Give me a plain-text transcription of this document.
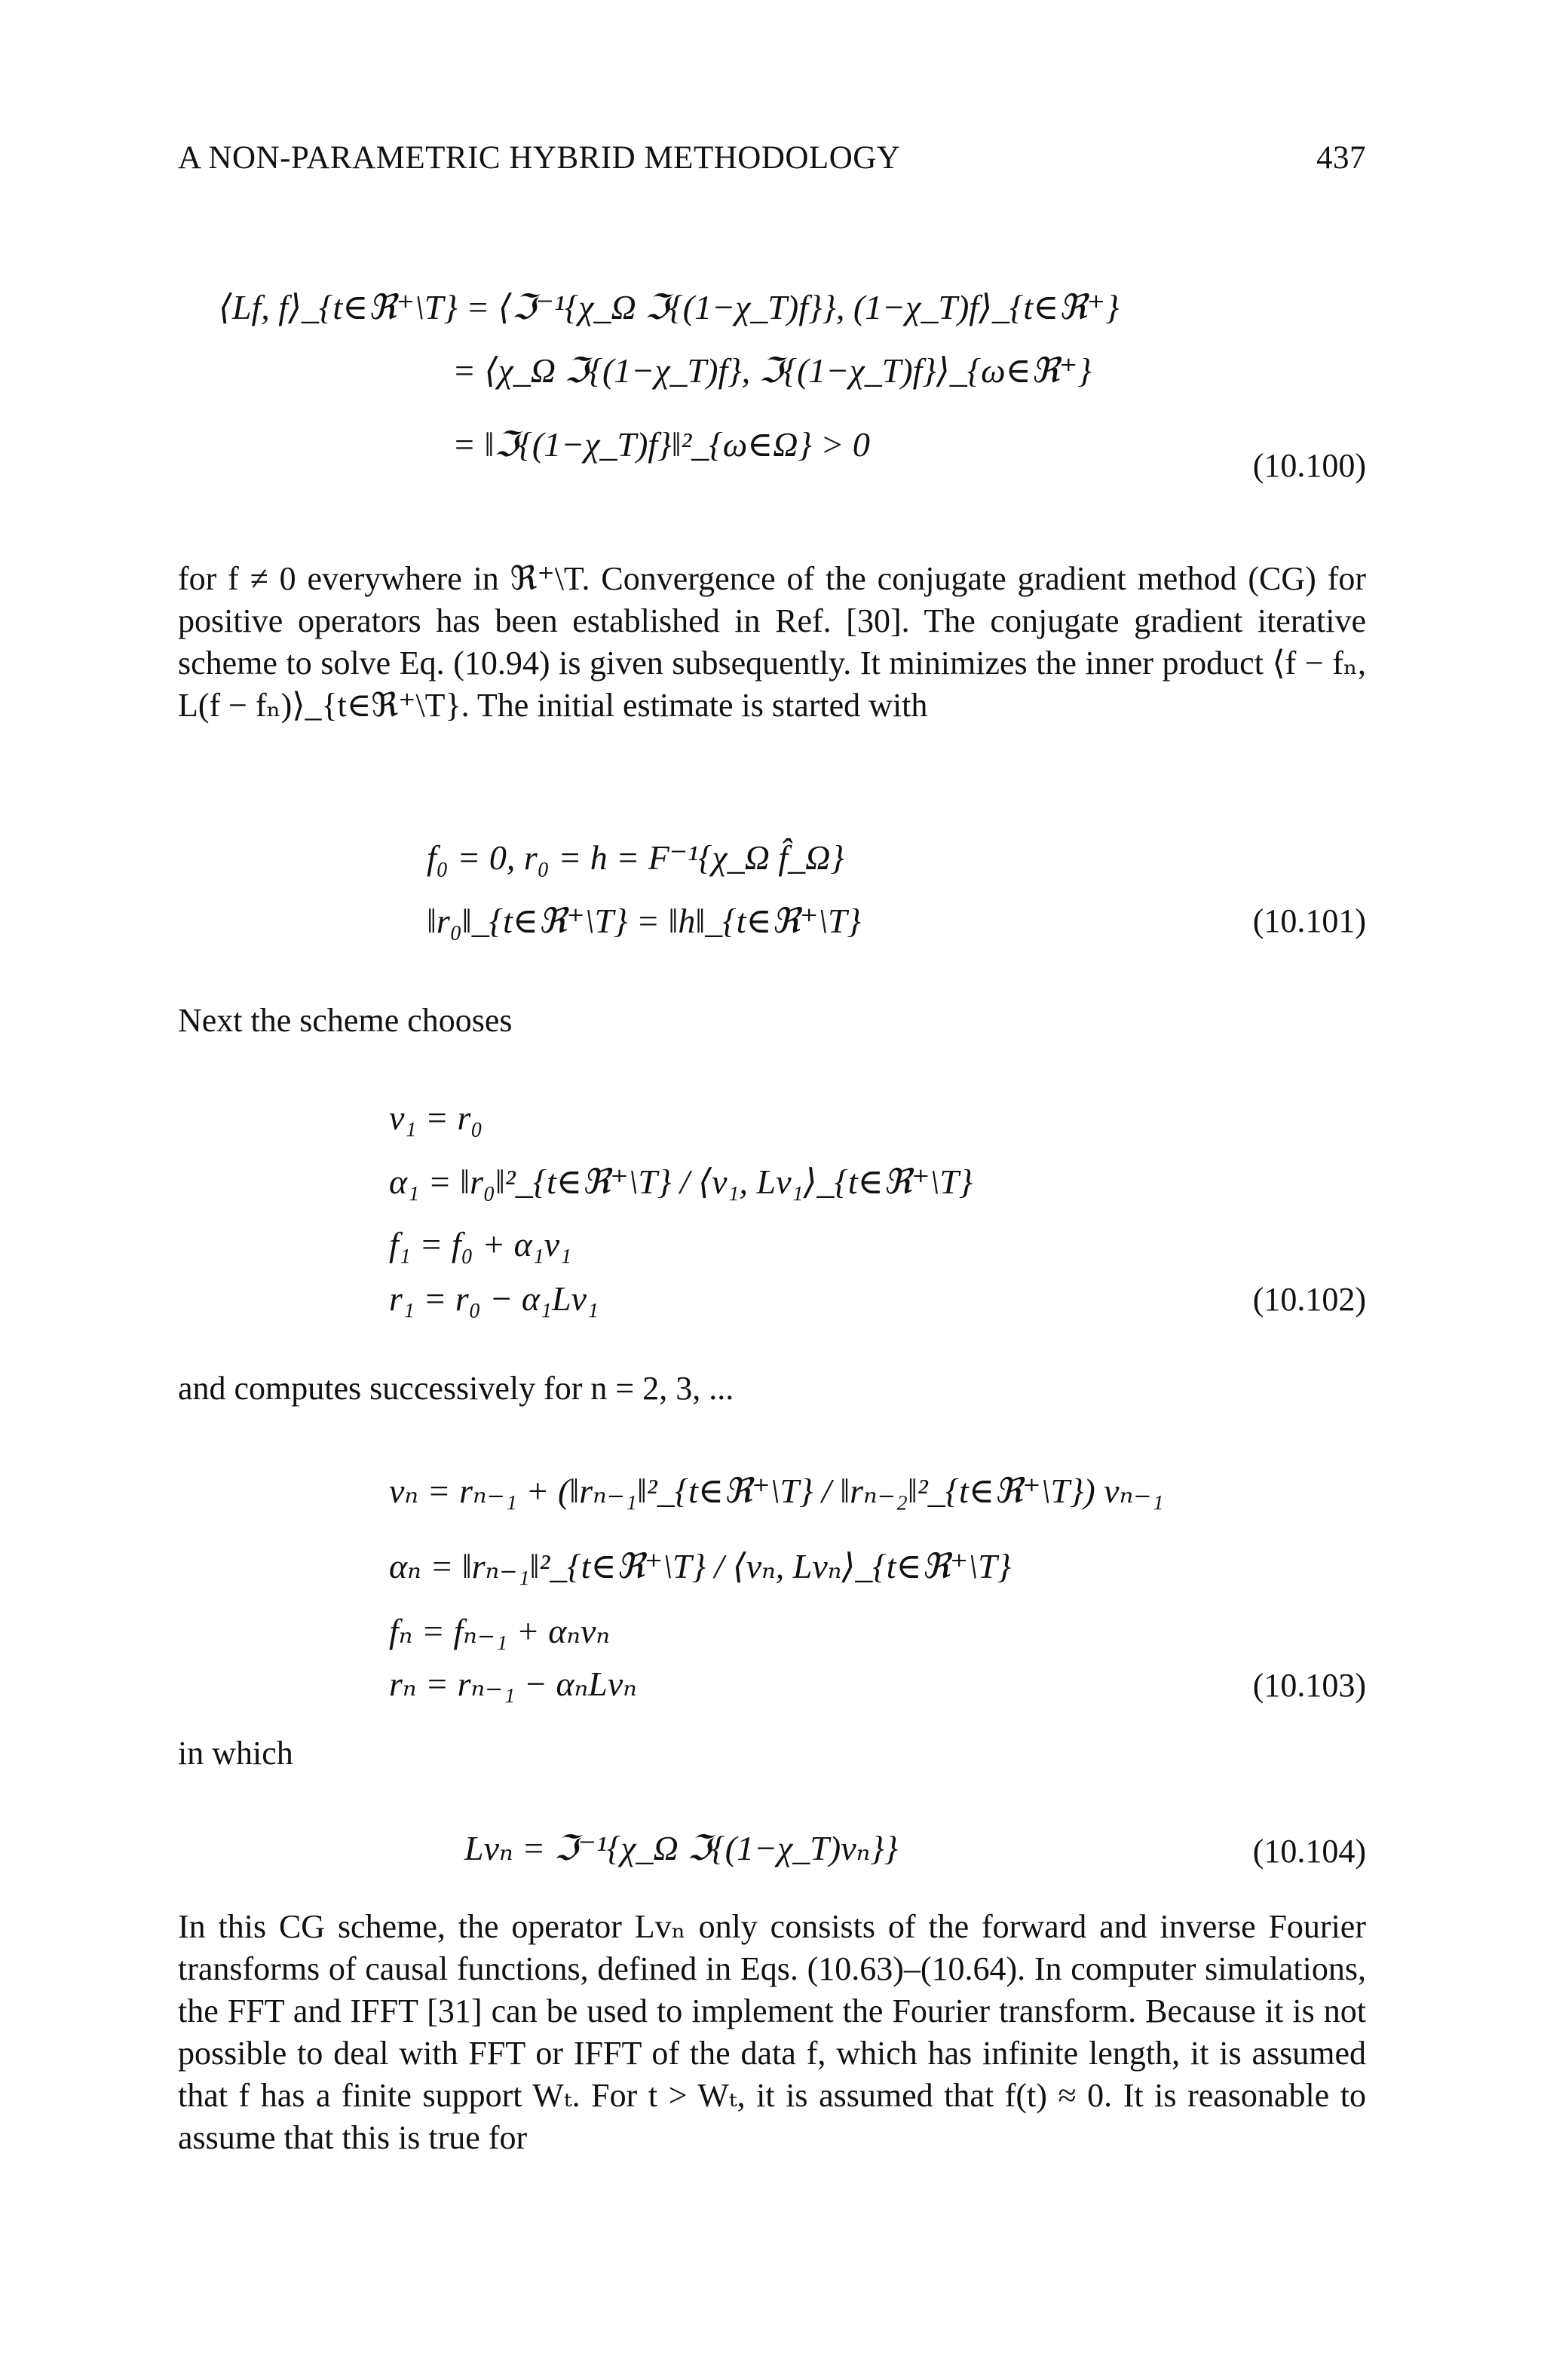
A NON-PARAMETRIC HYBRID METHODOLOGY	437
⟨Lf, f⟩_{t∈ℜ⁺\T} = ⟨ℑ⁻¹{χ_Ω ℑ{(1−χ_T)f}}, (1−χ_T)f⟩_{t∈ℜ⁺}
= ⟨χ_Ω ℑ{(1−χ_T)f}, ℑ{(1−χ_T)f}⟩_{ω∈ℜ⁺}
= ‖ℑ{(1−χ_T)f}‖²_{ω∈Ω} > 0
(10.100)
for f ≠ 0 everywhere in ℜ⁺\T. Convergence of the conjugate gradient method (CG) for positive operators has been established in Ref. [30]. The conjugate gradient iterative scheme to solve Eq. (10.94) is given subsequently. It minimizes the inner product ⟨f − fₙ, L(f − fₙ)⟩_{t∈ℜ⁺\T}. The initial estimate is started with
f₀ = 0, r₀ = h = F⁻¹{χ_Ω f̂_Ω}
‖r₀‖_{t∈ℜ⁺\T} = ‖h‖_{t∈ℜ⁺\T}	(10.101)
Next the scheme chooses
v₁ = r₀
α₁ = ‖r₀‖²_{t∈ℜ⁺\T} / ⟨v₁, Lv₁⟩_{t∈ℜ⁺\T}
f₁ = f₀ + α₁v₁
r₁ = r₀ − α₁Lv₁	(10.102)
and computes successively for n = 2, 3, ...
vₙ = rₙ₋₁ + (‖rₙ₋₁‖²_{t∈ℜ⁺\T} / ‖rₙ₋₂‖²_{t∈ℜ⁺\T}) vₙ₋₁
αₙ = ‖rₙ₋₁‖²_{t∈ℜ⁺\T} / ⟨vₙ, Lvₙ⟩_{t∈ℜ⁺\T}
fₙ = fₙ₋₁ + αₙvₙ
rₙ = rₙ₋₁ − αₙLvₙ	(10.103)
in which
Lvₙ = ℑ⁻¹{χ_Ω ℑ{(1−χ_T)vₙ}}	(10.104)
In this CG scheme, the operator Lvₙ only consists of the forward and inverse Fourier transforms of causal functions, defined in Eqs. (10.63)–(10.64). In computer simulations, the FFT and IFFT [31] can be used to implement the Fourier transform. Because it is not possible to deal with FFT or IFFT of the data f, which has infinite length, it is assumed that f has a finite support Wₜ. For t > Wₜ, it is assumed that f(t) ≈ 0. It is reasonable to assume that this is true for
